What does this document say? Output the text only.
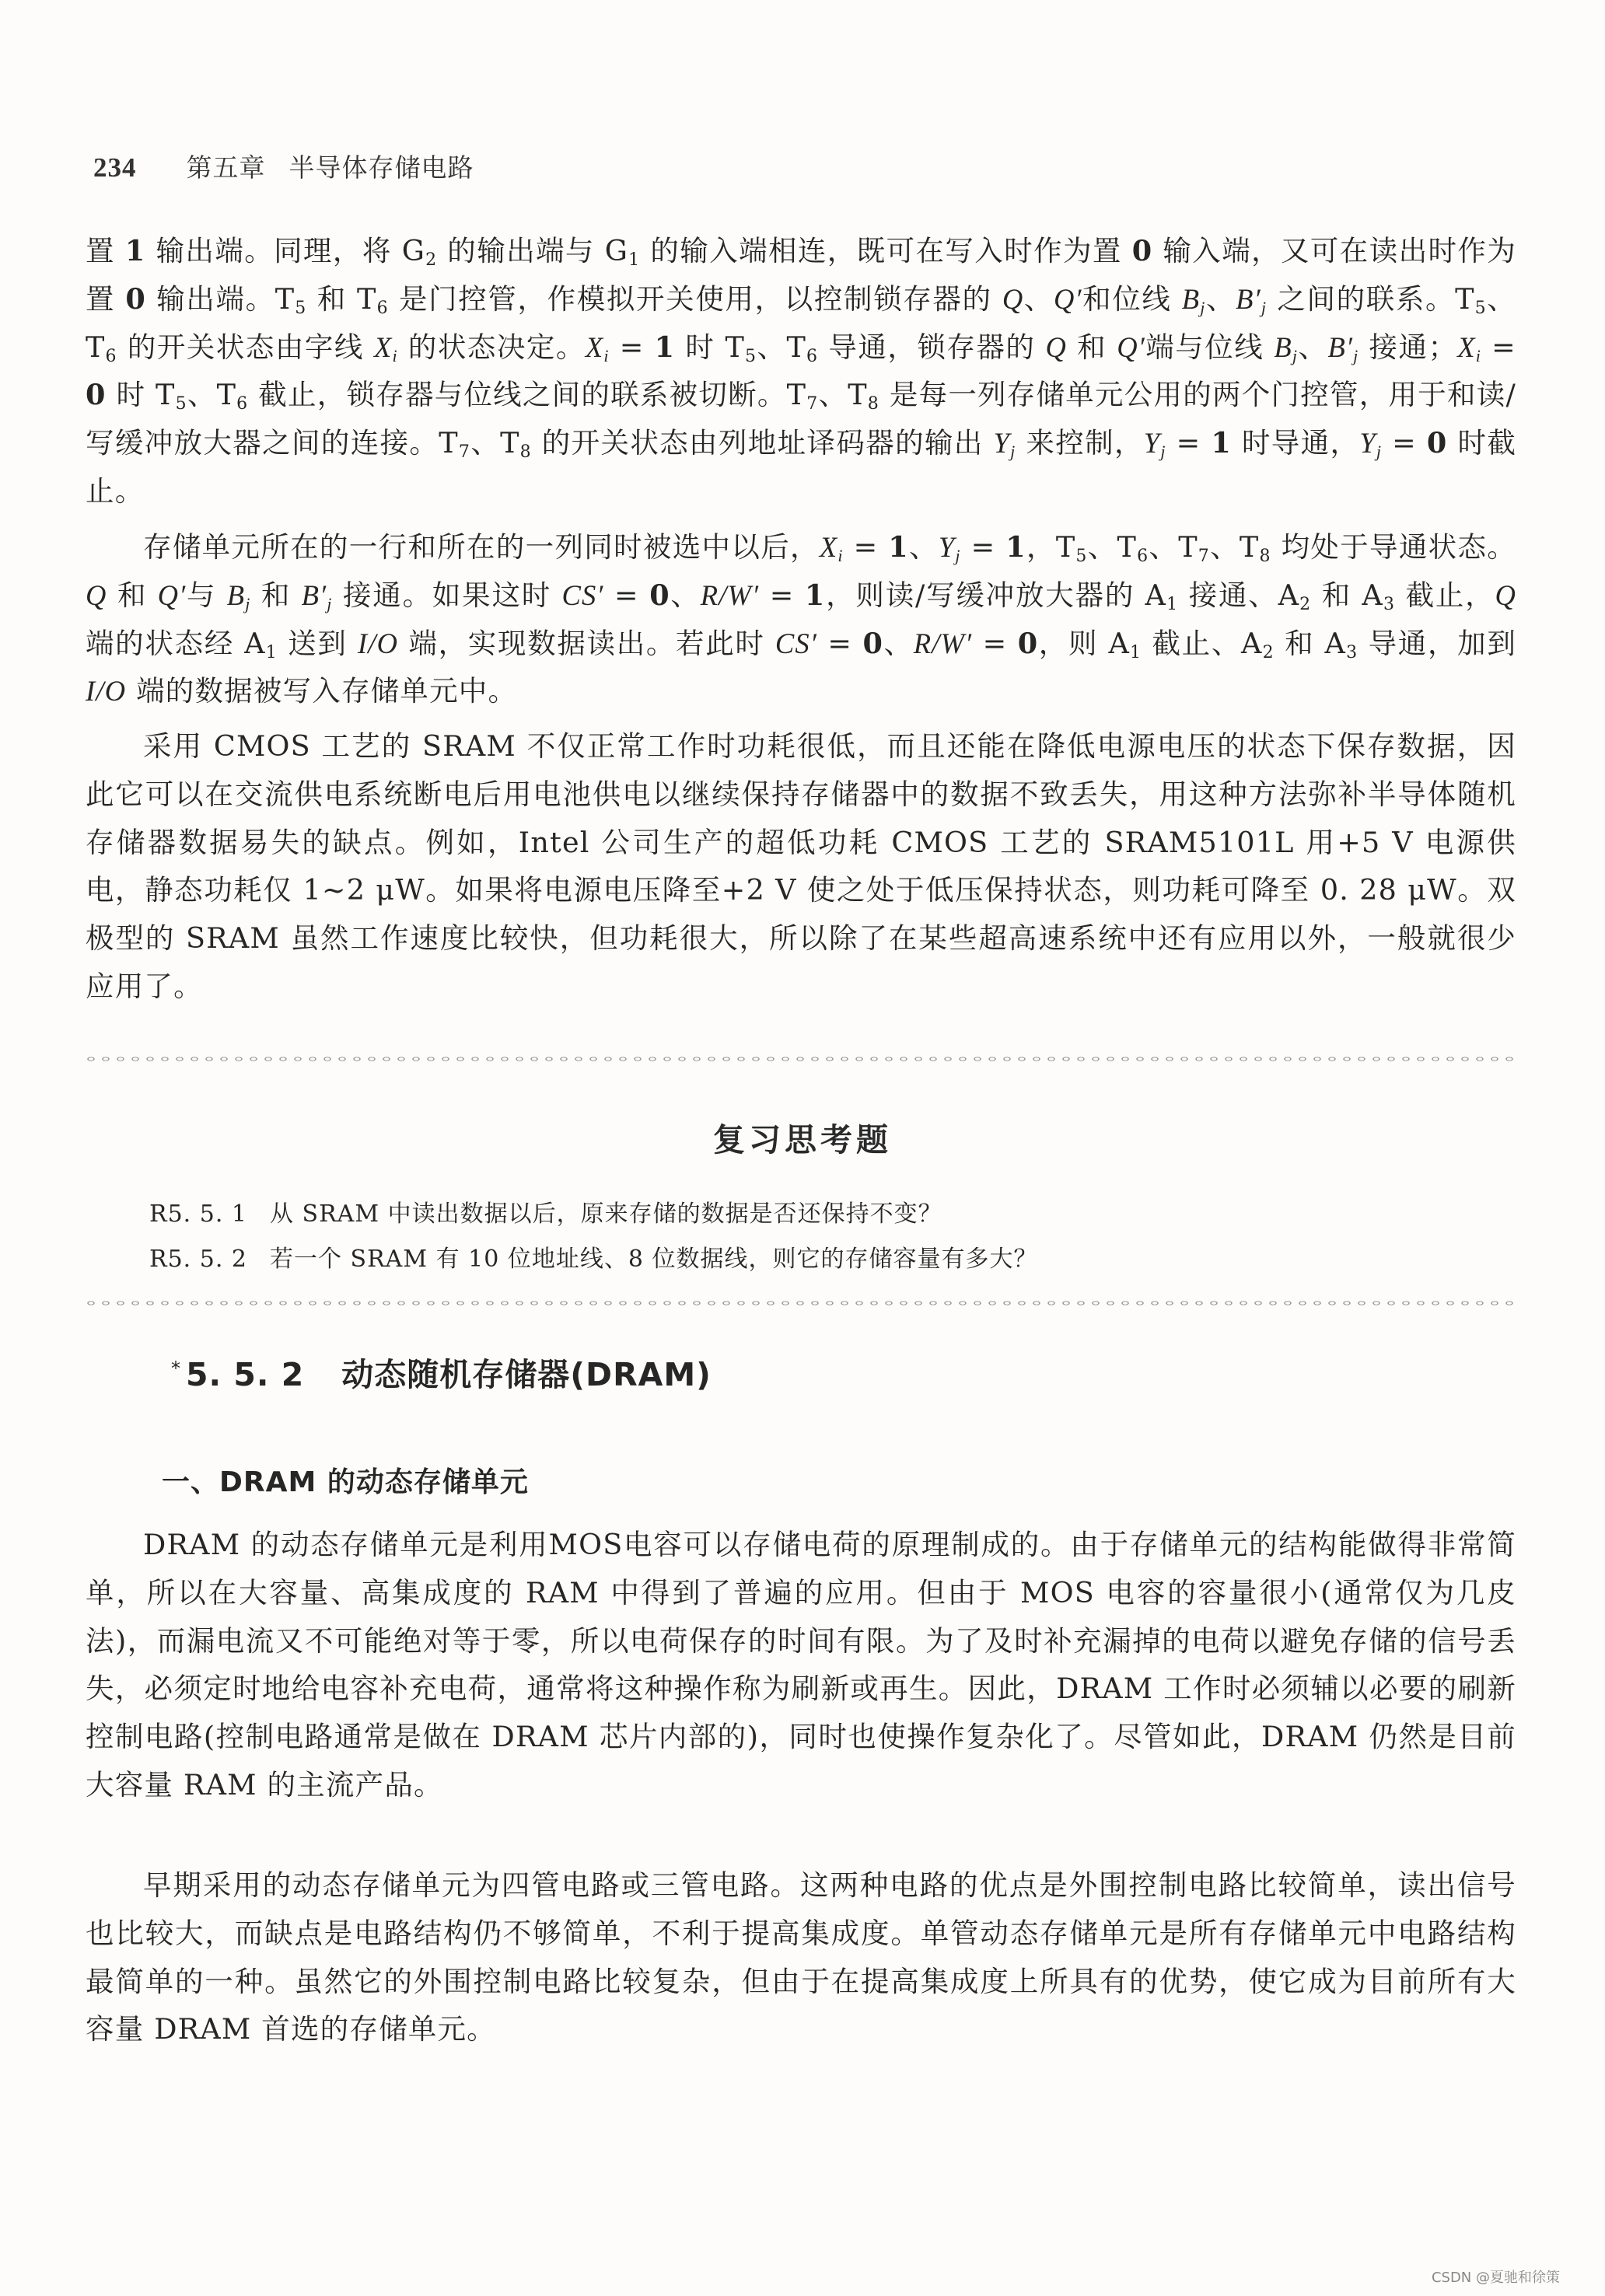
234 第五章 半导体存储电路

置 1 输出端。同理，将 $G_2$ 的输出端与 $G_1$ 的输入端相连，既可在写入时作为置 0 输入端，又可在读出时作为置 0 输出端。$T_5$ 和 $T_6$ 是门控管，作模拟开关使用，以控制锁存器的 Q、Q′和位线 $B_j$、$B'_j$ 之间的联系。$T_5$、$T_6$ 的开关状态由字线 $X_i$ 的状态决定。$X_i = 1$ 时 $T_5$、$T_6$ 导通，锁存器的 Q 和 Q′端与位线 $B_j$、$B'_j$ 接通；$X_i = 0$ 时 $T_5$、$T_6$ 截止，锁存器与位线之间的联系被切断。$T_7$、$T_8$ 是每一列存储单元公用的两个门控管，用于和读/写缓冲放大器之间的连接。$T_7$、$T_8$ 的开关状态由列地址译码器的输出 $Y_j$ 来控制，$Y_j = 1$ 时导通，$Y_j = 0$ 时截止。

存储单元所在的一行和所在的一列同时被选中以后，$X_i = 1$、$Y_j = 1$，$T_5$、$T_6$、$T_7$、$T_8$ 均处于导通状态。Q 和 Q′与 $B_j$ 和 $B'_j$ 接通。如果这时 CS′ = 0、R/W′ = 1，则读/写缓冲放大器的 $A_1$ 接通、$A_2$ 和 $A_3$ 截止，Q 端的状态经 $A_1$ 送到 I/O 端，实现数据读出。若此时 CS′ = 0、R/W′ = 0，则 $A_1$ 截止、$A_2$ 和 $A_3$ 导通，加到 I/O 端的数据被写入存储单元中。

采用 CMOS 工艺的 SRAM 不仅正常工作时功耗很低，而且还能在降低电源电压的状态下保存数据，因此它可以在交流供电系统断电后用电池供电以继续保持存储器中的数据不致丢失，用这种方法弥补半导体随机存储器数据易失的缺点。例如，Intel 公司生产的超低功耗 CMOS 工艺的 SRAM5101L 用+5 V 电源供电，静态功耗仅 1~2 μW。如果将电源电压降至+2 V 使之处于低压保持状态，则功耗可降至 0. 28 μW。双极型的 SRAM 虽然工作速度比较快，但功耗很大，所以除了在某些超高速系统中还有应用以外，一般就很少应用了。

复习思考题
R5. 5. 1 从 SRAM 中读出数据以后，原来存储的数据是否还保持不变？
R5. 5. 2 若一个 SRAM 有 10 位地址线、8 位数据线，则它的存储容量有多大？
* 5. 5. 2 动态随机存储器(DRAM)
一、DRAM 的动态存储单元

DRAM 的动态存储单元是利用MOS电容可以存储电荷的原理制成的。由于存储单元的结构能做得非常简单，所以在大容量、高集成度的 RAM 中得到了普遍的应用。但由于 MOS 电容的容量很小(通常仅为几皮法)，而漏电流又不可能绝对等于零，所以电荷保存的时间有限。为了及时补充漏掉的电荷以避免存储的信号丢失，必须定时地给电容补充电荷，通常将这种操作称为刷新或再生。因此，DRAM 工作时必须辅以必要的刷新控制电路(控制电路通常是做在 DRAM 芯片内部的)，同时也使操作复杂化了。尽管如此，DRAM 仍然是目前大容量 RAM 的主流产品。

早期采用的动态存储单元为四管电路或三管电路。这两种电路的优点是外围控制电路比较简单，读出信号也比较大，而缺点是电路结构仍不够简单，不利于提高集成度。单管动态存储单元是所有存储单元中电路结构最简单的一种。虽然它的外围控制电路比较复杂，但由于在提高集成度上所具有的优势，使它成为目前所有大容量 DRAM 首选的存储单元。

CSDN @夏驰和徐策
